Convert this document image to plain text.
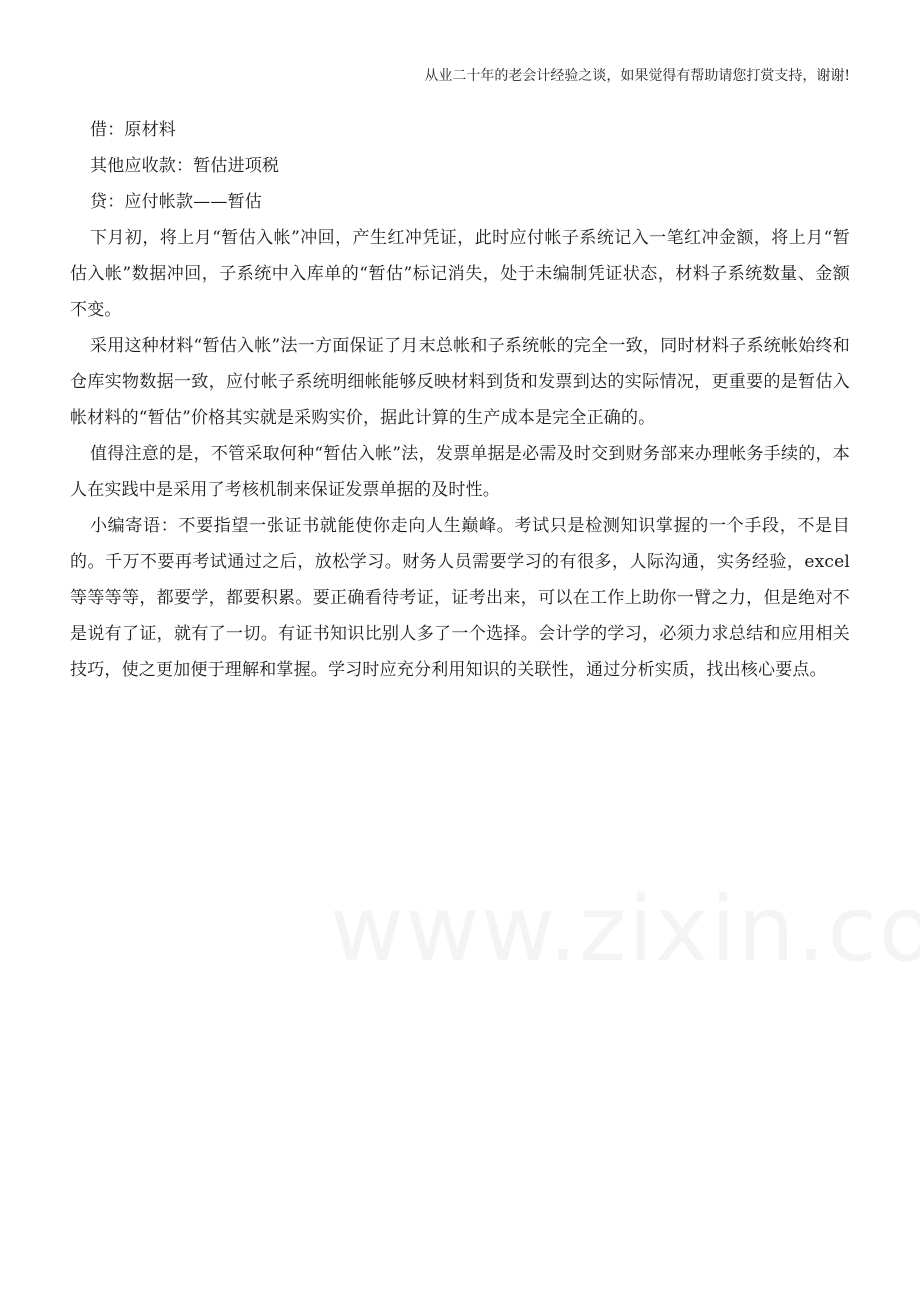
从业二十年的老会计经验之谈，如果觉得有帮助请您打赏支持，谢谢!

借：原材料

其他应收款：暂估进项税

贷：应付帐款——暂估

下月初，将上月“暂估入帐”冲回，产生红冲凭证，此时应付帐子系统记入一笔红冲金额，将上月“暂估入帐”数据冲回，子系统中入库单的“暂估”标记消失，处于未编制凭证状态，材料子系统数量、金额不变。

采用这种材料“暂估入帐”法一方面保证了月末总帐和子系统帐的完全一致，同时材料子系统帐始终和仓库实物数据一致，应付帐子系统明细帐能够反映材料到货和发票到达的实际情况，更重要的是暂估入帐材料的“暂估”价格其实就是采购实价，据此计算的生产成本是完全正确的。

值得注意的是，不管采取何种“暂估入帐”法，发票单据是必需及时交到财务部来办理帐务手续的，本人在实践中是采用了考核机制来保证发票单据的及时性。

小编寄语：不要指望一张证书就能使你走向人生巅峰。考试只是检测知识掌握的一个手段，不是目的。千万不要再考试通过之后，放松学习。财务人员需要学习的有很多，人际沟通，实务经验，excel等等等等，都要学，都要积累。要正确看待考证，证考出来，可以在工作上助你一臂之力，但是绝对不是说有了证，就有了一切。有证书知识比别人多了一个选择。会计学的学习，必须力求总结和应用相关技巧，使之更加便于理解和掌握。学习时应充分利用知识的关联性，通过分析实质，找出核心要点。
